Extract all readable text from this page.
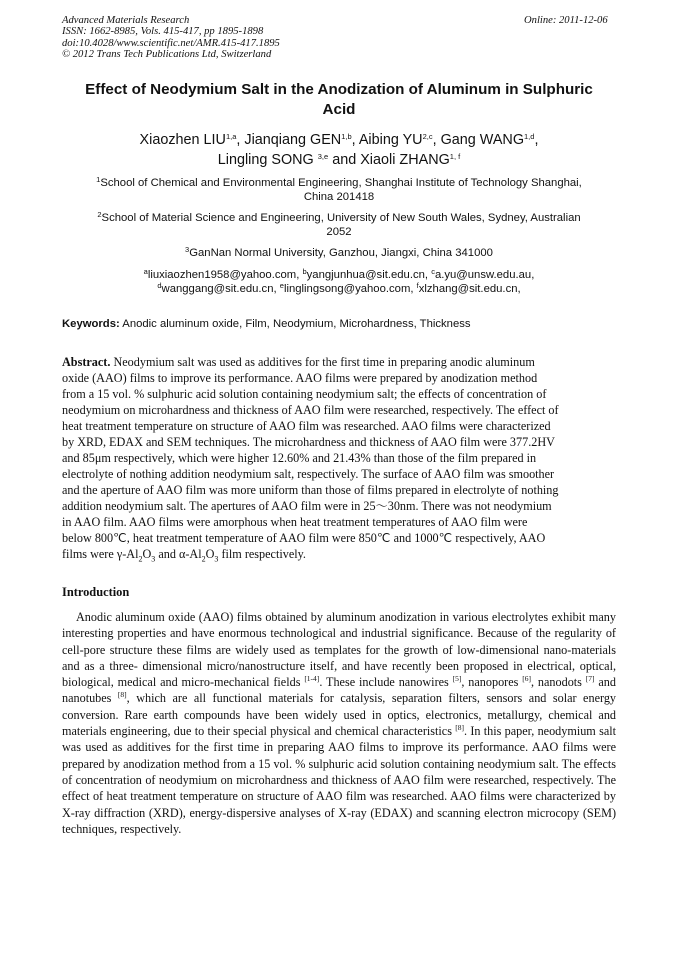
Advanced Materials Research
ISSN: 1662-8985, Vols. 415-417, pp 1895-1898
doi:10.4028/www.scientific.net/AMR.415-417.1895
© 2012 Trans Tech Publications Ltd, Switzerland
Online: 2011-12-06
Effect of Neodymium Salt in the Anodization of Aluminum in Sulphuric
Acid
Xiaozhen LIU$^{1,a}$, Jianqiang GEN$^{1,b}$, Aibing YU$^{2,c}$, Gang WANG$^{1,d}$,
Lingling SONG $^{3,e}$ and Xiaoli ZHANG$^{1, f}$
$^1$School of Chemical and Environmental Engineering, Shanghai Institute of Technology Shanghai,
China 201418
$^2$School of Material Science and Engineering, University of New South Wales, Sydney, Australian
2052
$^3$GanNan Normal University, Ganzhou, Jiangxi, China 341000
$^a$liuxiaozhen1958@yahoo.com, $^b$yangjunhua@sit.edu.cn, $^c$a.yu@unsw.edu.au,
$^d$wanggang@sit.edu.cn, $^e$linglingsong@yahoo.com, $^f$xlzhang@sit.edu.cn,
Keywords: Anodic aluminum oxide, Film, Neodymium, Microhardness, Thickness
Abstract. Neodymium salt was used as additives for the first time in preparing anodic aluminum
oxide (AAO) films to improve its performance. AAO films were prepared by anodization method
from a 15 vol. % sulphuric acid solution containing neodymium salt; the effects of concentration of
neodymium on microhardness and thickness of AAO film were researched, respectively. The effect of
heat treatment temperature on structure of AAO film was researched. AAO films were characterized
by XRD, EDAX and SEM techniques. The microhardness and thickness of AAO film were 377.2HV
and 85μm respectively, which were higher 12.60% and 21.43% than those of the film prepared in
electrolyte of nothing addition neodymium salt, respectively. The surface of AAO film was smoother
and the aperture of AAO film was more uniform than those of films prepared in electrolyte of nothing
addition neodymium salt. The apertures of AAO film were in 25～30nm. There was not neodymium
in AAO film. AAO films were amorphous when heat treatment temperatures of AAO film were
below 800℃, heat treatment temperature of AAO film were 850℃ and 1000℃ respectively, AAO
films were $\gamma-Al_2O_3$ and $\alpha-Al_2O_3$ film respectively.
Introduction
Anodic aluminum oxide (AAO) films obtained by aluminum anodization in various electrolytes exhibit many interesting properties and have enormous technological and industrial significance. Because of the regularity of cell-pore structure these films are widely used as templates for the growth of low-dimensional nano-materials and as a three- dimensional micro/nanostructure itself, and have recently been proposed in electrical, optical, biological, medical and micro-mechanical fields [1-4]. These include nanowires [5], nanopores [6], nanodots [7] and nanotubes [8], which are all functional materials for catalysis, separation filters, sensors and solar energy conversion. Rare earth compounds have been widely used in optics, electronics, metallurgy, chemical and materials engineering, due to their special physical and chemical characteristics [8]. In this paper, neodymium salt was used as additives for the first time in preparing AAO films to improve its performance. AAO films were prepared by anodization method from a 15 vol. % sulphuric acid solution containing neodymium salt. The effects of concentration of neodymium on microhardness and thickness of AAO film were researched, respectively. The effect of heat treatment temperature on structure of AAO film was researched. AAO films were characterized by X-ray diffraction (XRD), energy-dispersive analyses of X-ray (EDAX) and scanning electron microcopy (SEM) techniques, respectively.
